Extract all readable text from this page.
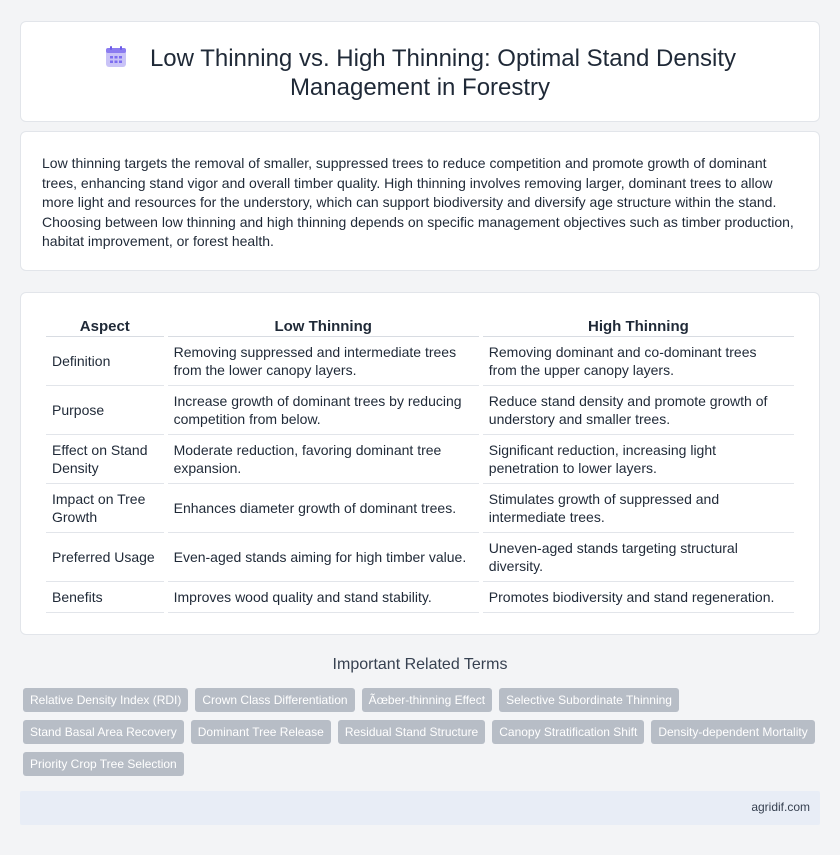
Low Thinning vs. High Thinning: Optimal Stand Density
Management in Forestry

Low thinning targets the removal of smaller, suppressed trees to reduce competition and promote growth of dominant trees, enhancing stand vigor and overall timber quality. High thinning involves removing larger, dominant trees to allow more light and resources for the understory, which can support biodiversity and diversify age structure within the stand. Choosing between low thinning and high thinning depends on specific management objectives such as timber production, habitat improvement, or forest health.

Aspect	Low Thinning	High Thinning
Definition	Removing suppressed and intermediate trees from the lower canopy layers.	Removing dominant and co-dominant trees from the upper canopy layers.
Purpose	Increase growth of dominant trees by reducing competition from below.	Reduce stand density and promote growth of understory and smaller trees.
Effect on Stand Density	Moderate reduction, favoring dominant tree expansion.	Significant reduction, increasing light penetration to lower layers.
Impact on Tree Growth	Enhances diameter growth of dominant trees.	Stimulates growth of suppressed and intermediate trees.
Preferred Usage	Even-aged stands aiming for high timber value.	Uneven-aged stands targeting structural diversity.
Benefits	Improves wood quality and stand stability.	Promotes biodiversity and stand regeneration.
Important Related Terms
Relative Density Index (RDI)	Crown Class Differentiation	Ãœber-thinning Effect	Selective Subordinate Thinning
Stand Basal Area Recovery	Dominant Tree Release	Residual Stand Structure	Canopy Stratification Shift	Density-dependent Mortality
Priority Crop Tree Selection
agridif.com
